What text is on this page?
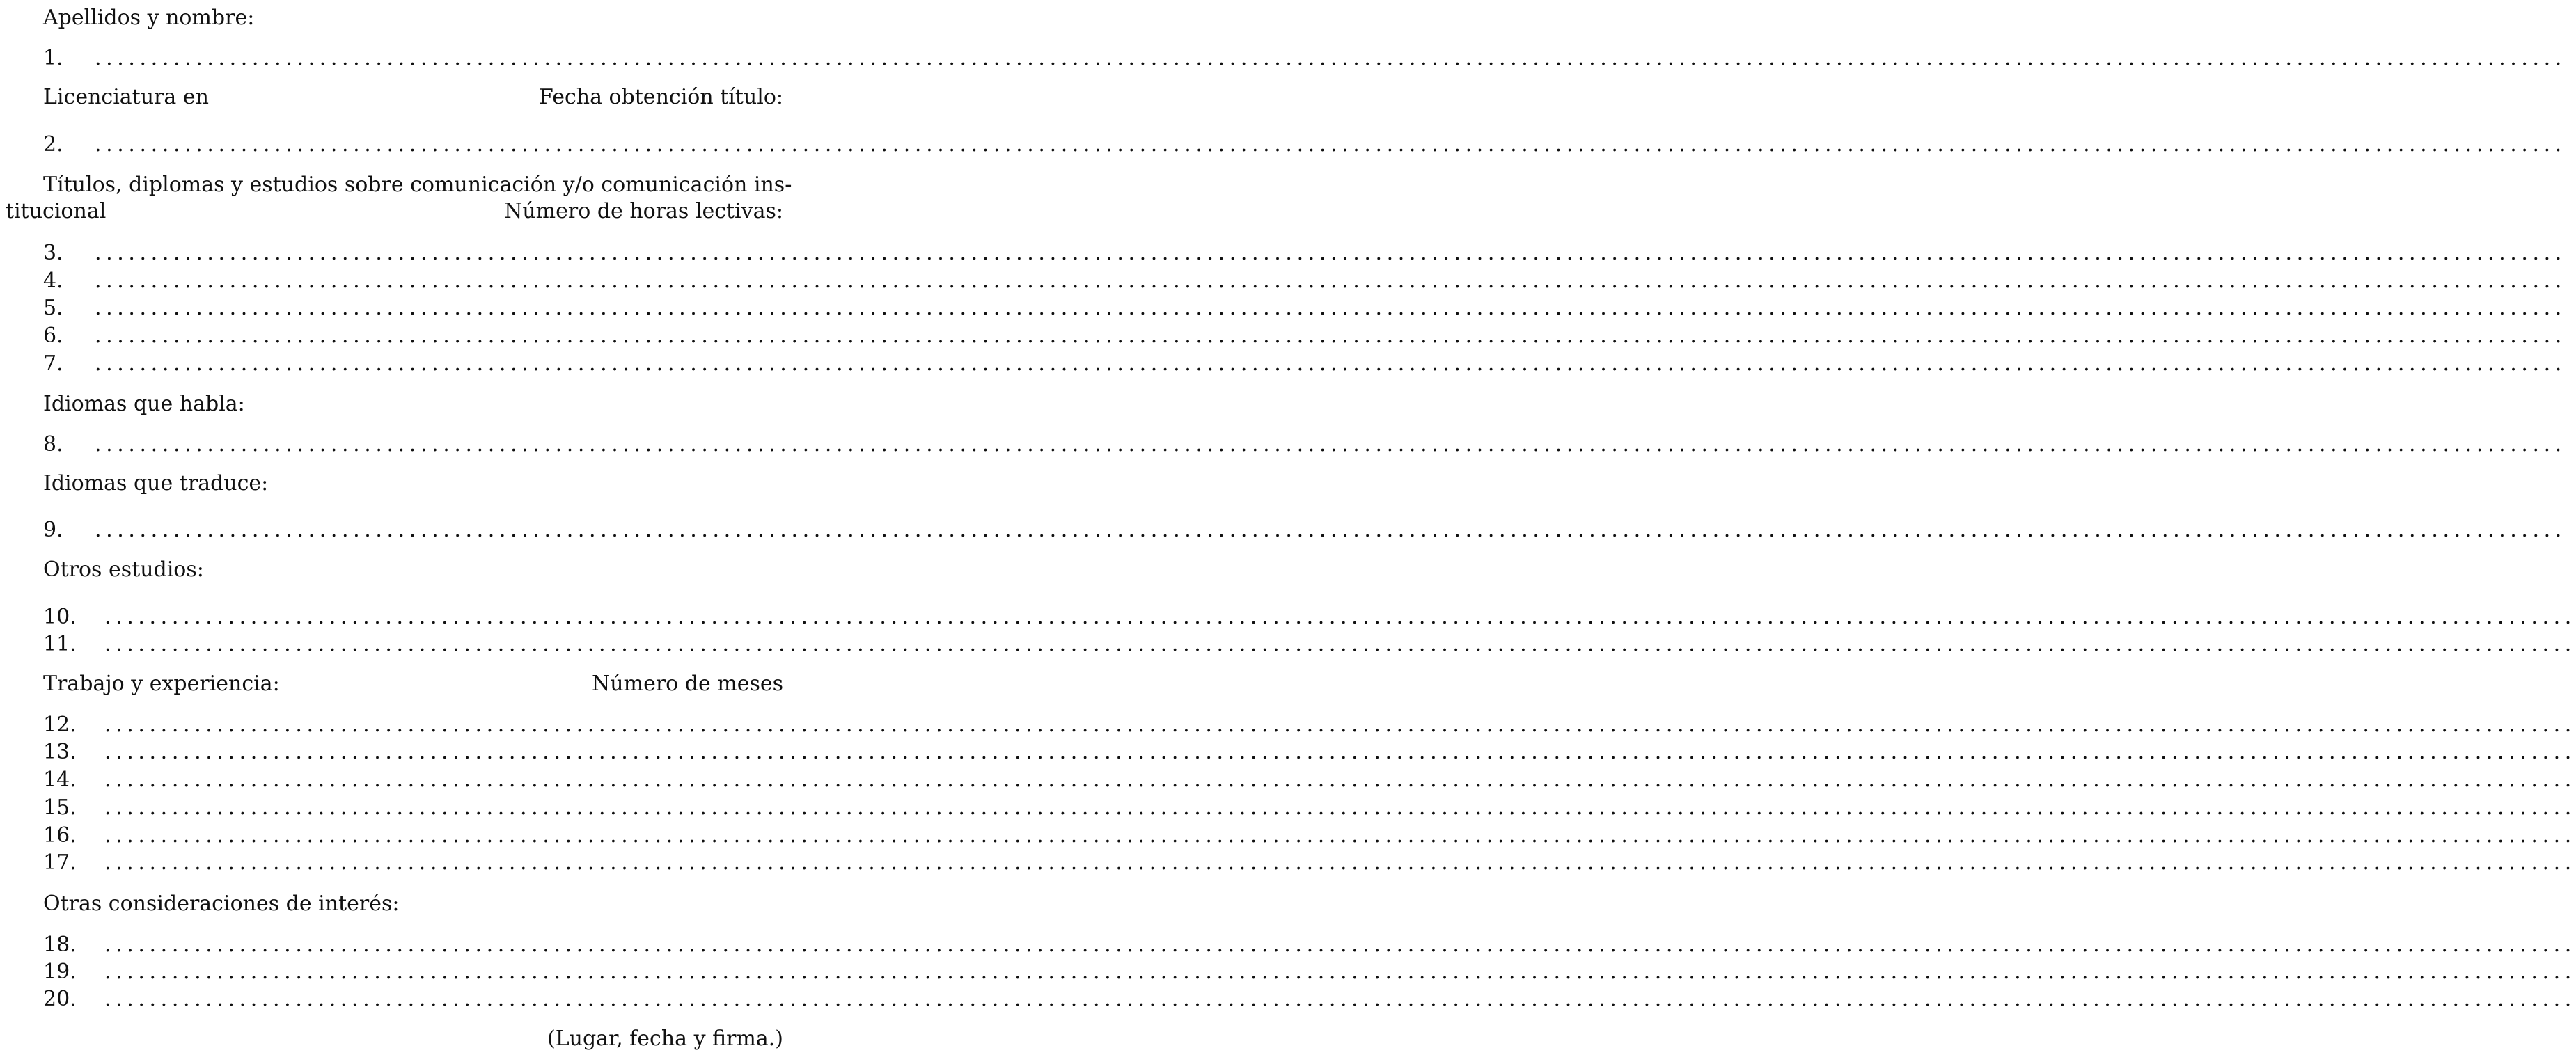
Apellidos y nombre:
1. ............................................................................................................................................................................................................................
Licenciatura en	Fecha obtención título:
2. ............................................................................................................................................................................................................................
Títulos, diplomas y estudios sobre comunicación y/o comunicación ins-
titucional	Número de horas lectivas:
3. ............................................................................................................................................................................................................................
4. ............................................................................................................................................................................................................................
5. ............................................................................................................................................................................................................................
6. ............................................................................................................................................................................................................................
7. ............................................................................................................................................................................................................................
Idiomas que habla:
8. ............................................................................................................................................................................................................................
Idiomas que traduce:
9. ............................................................................................................................................................................................................................
Otros estudios:
10. ............................................................................................................................................................................................................................
11. ............................................................................................................................................................................................................................
Trabajo y experiencia:	Número de meses
12. ............................................................................................................................................................................................................................
13. ............................................................................................................................................................................................................................
14. ............................................................................................................................................................................................................................
15. ............................................................................................................................................................................................................................
16. ............................................................................................................................................................................................................................
17. ............................................................................................................................................................................................................................
Otras consideraciones de interés:
18. ............................................................................................................................................................................................................................
19. ............................................................................................................................................................................................................................
20. ............................................................................................................................................................................................................................
(Lugar, fecha y firma.)
